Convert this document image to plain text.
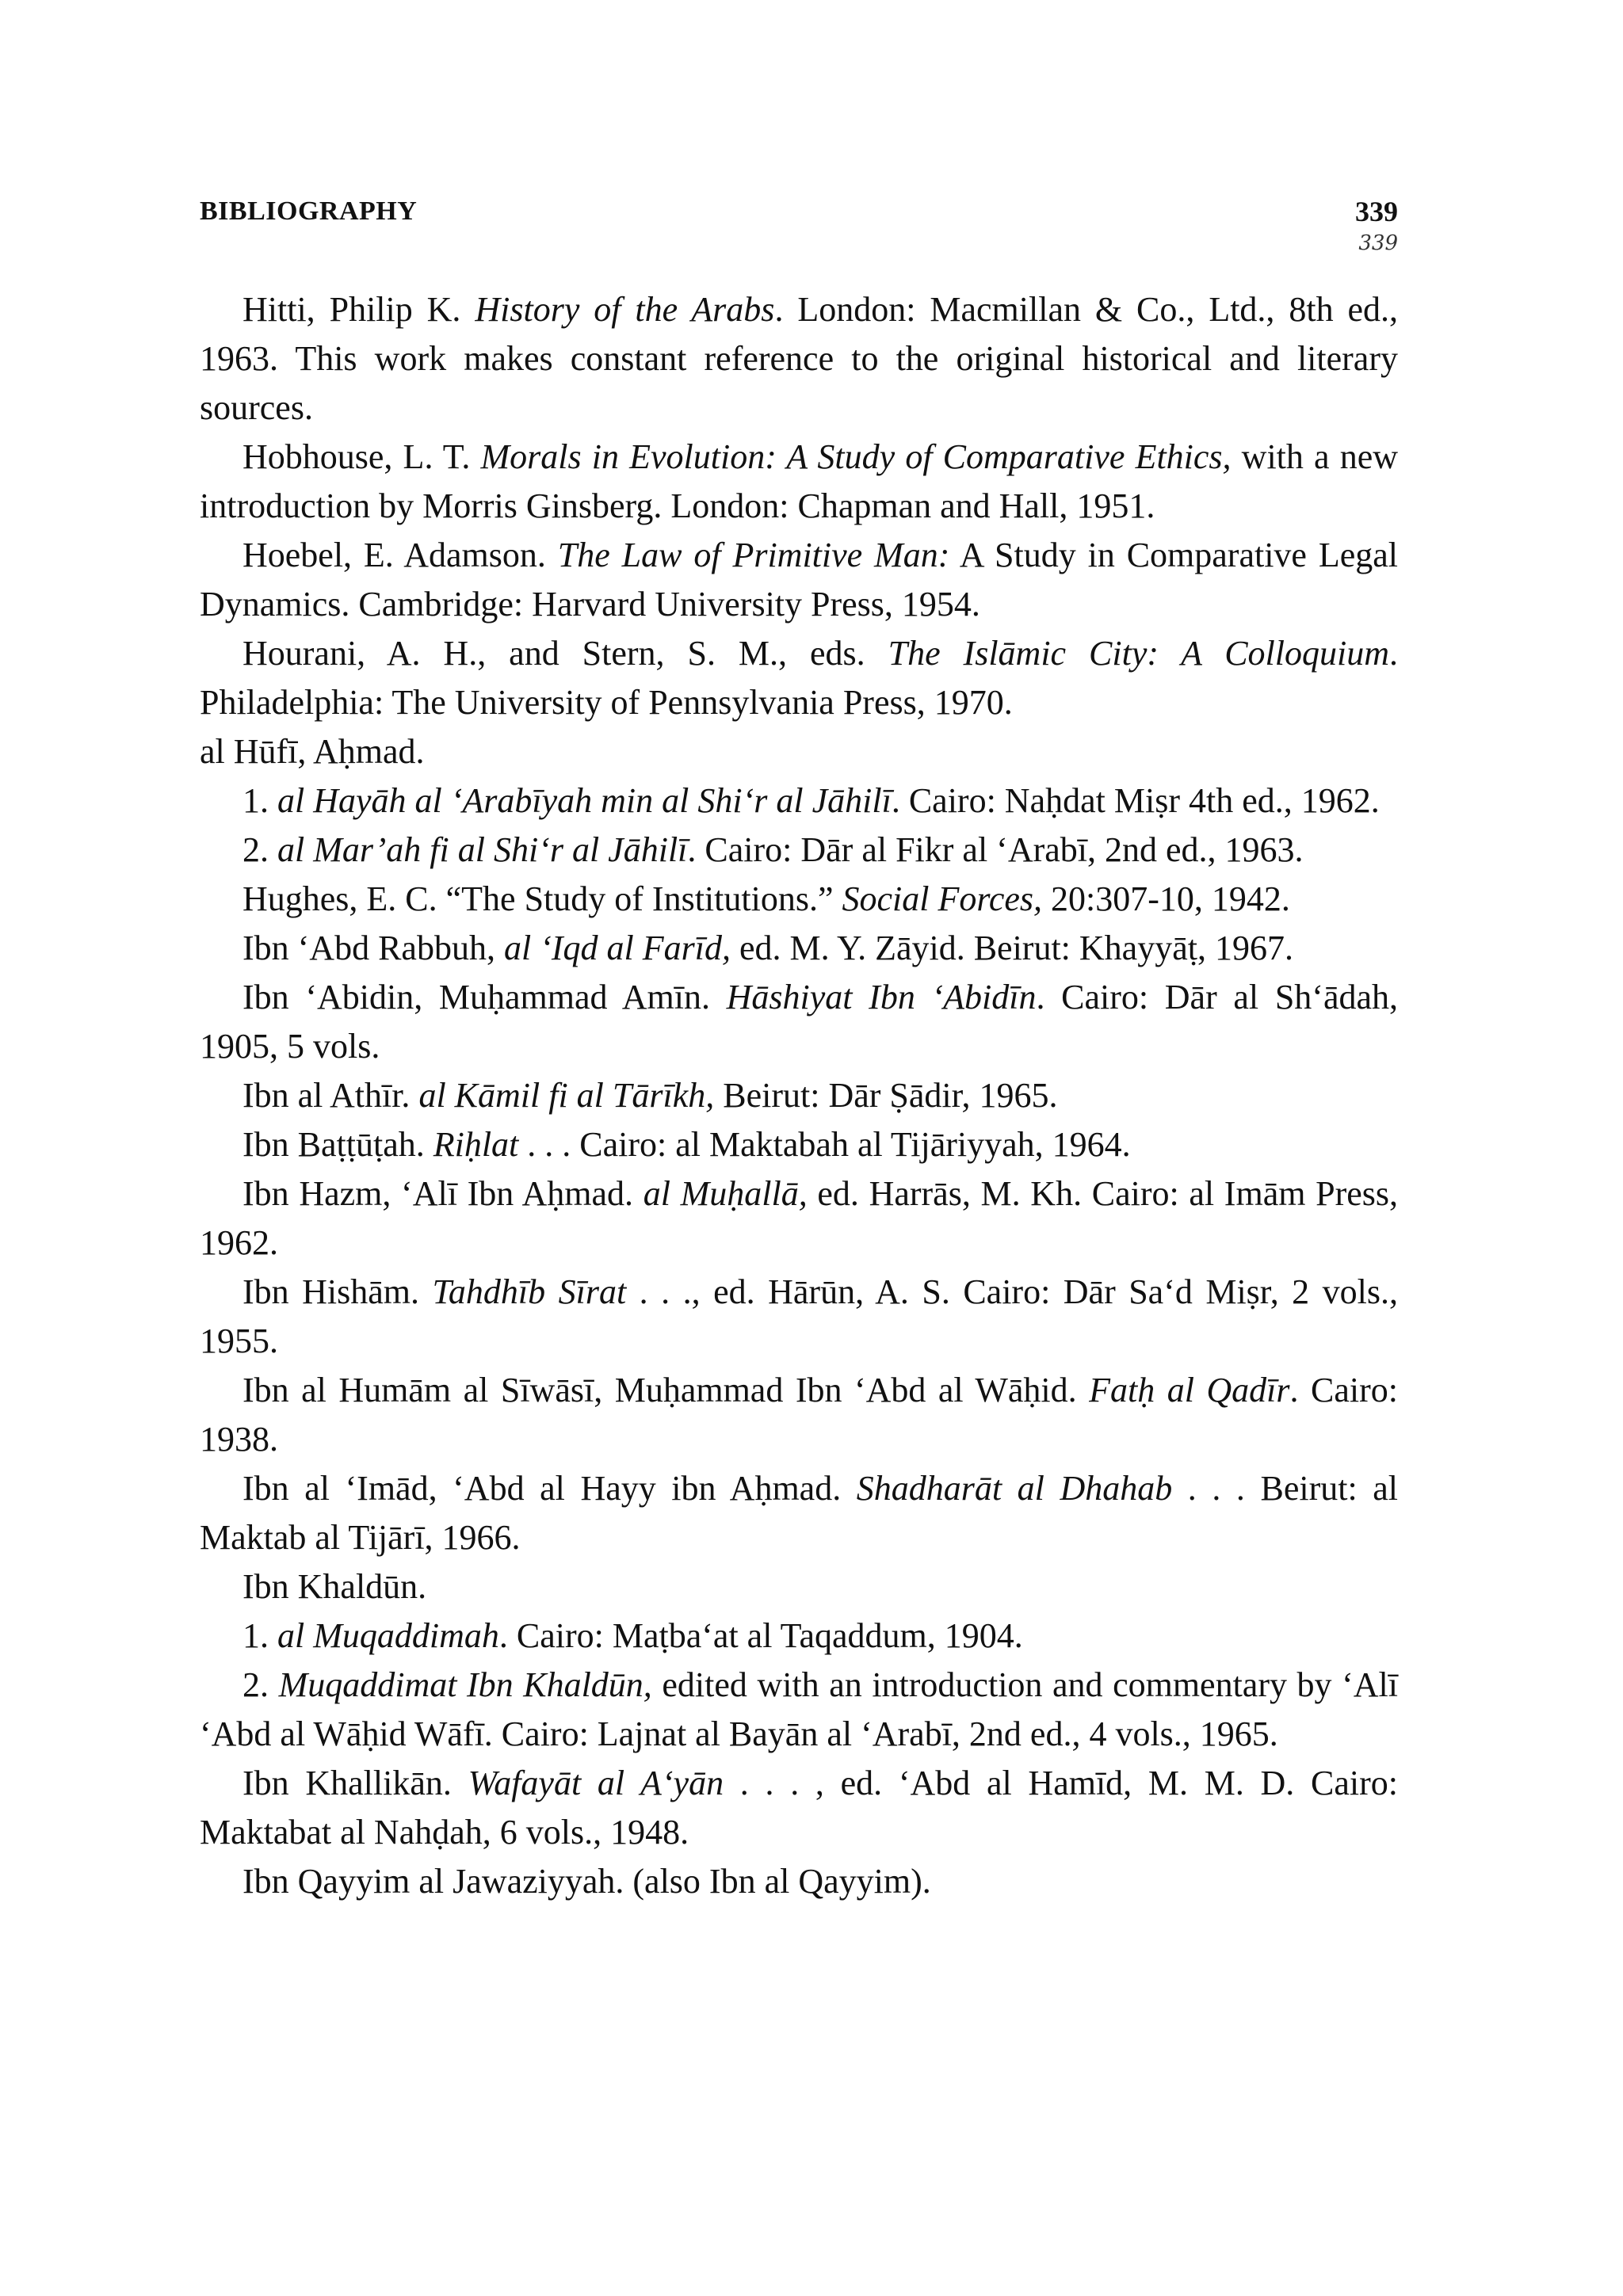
BIBLIOGRAPHY	339
339

Hitti, Philip K. History of the Arabs. London: Macmillan & Co., Ltd., 8th ed., 1963. This work makes constant reference to the original historical and literary sources.

Hobhouse, L. T. Morals in Evolution: A Study of Comparative Ethics, with a new introduction by Morris Ginsberg. London: Chapman and Hall, 1951.

Hoebel, E. Adamson. The Law of Primitive Man: A Study in Comparative Legal Dynamics. Cambridge: Harvard University Press, 1954.

Hourani, A. H., and Stern, S. M., eds. The Islāmic City: A Colloquium. Philadelphia: The University of Pennsylvania Press, 1970.

al Hūfī, Aḥmad.

1. al Hayāh al ‘Arabīyah min al Shi‘r al Jāhilī. Cairo: Naḥdat Miṣr 4th ed., 1962.

2. al Mar’ah fi al Shi‘r al Jāhilī. Cairo: Dār al Fikr al ‘Arabī, 2nd ed., 1963.

Hughes, E. C. “The Study of Institutions.” Social Forces, 20:307-10, 1942.

Ibn ‘Abd Rabbuh, al ‘Iqd al Farīd, ed. M. Y. Zāyid. Beirut: Khayyāṭ, 1967.

Ibn ‘Abidin, Muḥammad Amīn. Hāshiyat Ibn ‘Abidīn. Cairo: Dār al Sh‘ādah, 1905, 5 vols.

Ibn al Athīr. al Kāmil fi al Tārīkh, Beirut: Dār Ṣādir, 1965.

Ibn Baṭṭūṭah. Riḥlat . . . Cairo: al Maktabah al Tijāriyyah, 1964.

Ibn Hazm, ‘Alī Ibn Aḥmad. al Muḥallā, ed. Harrās, M. Kh. Cairo: al Imām Press, 1962.

Ibn Hishām. Tahdhīb Sīrat . . ., ed. Hārūn, A. S. Cairo: Dār Sa‘d Miṣr, 2 vols., 1955.

Ibn al Humām al Sīwāsī, Muḥammad Ibn ‘Abd al Wāḥid. Fatḥ al Qadīr. Cairo: 1938.

Ibn al ‘Imād, ‘Abd al Hayy ibn Aḥmad. Shadharāt al Dhahab . . . Beirut: al Maktab al Tijārī, 1966.

Ibn Khaldūn.

1. al Muqaddimah. Cairo: Maṭba‘at al Taqaddum, 1904.

2. Muqaddimat Ibn Khaldūn, edited with an introduction and commentary by ‘Alī ‘Abd al Wāḥid Wāfī. Cairo: Lajnat al Bayān al ‘Arabī, 2nd ed., 4 vols., 1965.

Ibn Khallikān. Wafayāt al A‘yān . . . , ed. ‘Abd al Hamīd, M. M. D. Cairo: Maktabat al Nahḍah, 6 vols., 1948.

Ibn Qayyim al Jawaziyyah. (also Ibn al Qayyim).
